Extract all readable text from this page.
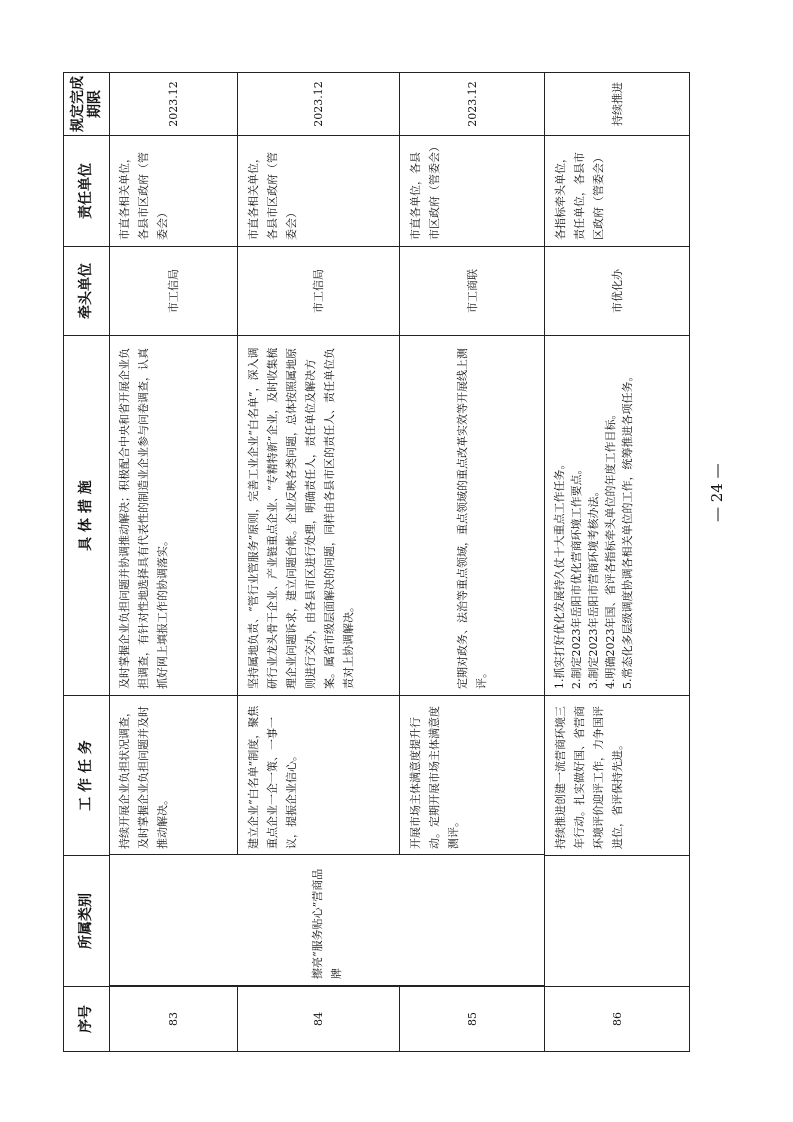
序号
所属类别
工 作 任 务
具 体 措 施
牵头单位
责任单位
规定完成期限
83
持续开展企业负担状况调查，及时掌握企业负担问题并及时推动解决。
及时掌握企业负担问题并协调推动解决；积极配合中央和省开展企业负担调查，有针对性地选择具有代表性的制造业企业参与问卷调查，认真抓好网上填报工作的协调落实。
市工信局
市直各相关单位，各县市区政府（管委会）
2023.12
84
建立企业“白名单”制度，聚焦重点企业一企一策、一事一议，提振企业信心。
坚持属地负责、“管行业管服务”原则，完善工业企业“白名单”，深入调研行业龙头骨干企业、产业链重点企业、“专精特新”企业，及时收集梳理企业问题诉求，建立问题台帐。企业反映各类问题，总体按照属地原则进行交办，由各县市区进行处理，明确责任人，责任单位及解决方案。属省市级层面解决的问题，同样由各县市区的责任人、责任单位负责对上协调解决。
市工信局
市直各相关单位，各县市区政府（管委会）
2023.12
85
开展市场主体满意度提升行动。定期开展市场主体满意度测评。
定期对政务、法治等重点领域，重点领域的重点改革实效等开展线上测评。
市工商联
市直各单位，各县市区政府（管委会）
2023.12
86
持续推进创建一流营商环境三年行动。扎实做好国、省营商环境评价迎评工作，力争国评进位，省评保持先进。
1.抓实打好优化发展持久仗十大重点工作任务。 2.制定2023年岳阳市优化营商环境工作要点。 3.制定2023年岳阳市营商环境考核办法。 4.明确2023年国、省评各指标牵头单位的年度工作目标。 5.常态化多层级调度协调各相关单位的工作，统筹推进各项任务。
市优化办
各指标牵头单位，责任单位，各县市区政府（管委会）
持续推进
擦亮“服务贴心”营商品牌
— 24 —
